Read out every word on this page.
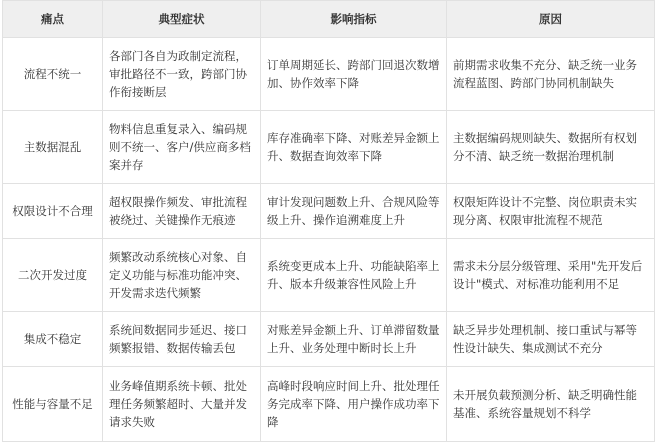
痛点	典型症状	影响指标	原因
流程不统一	各部门各自为政制定流程，审批路径不一致，跨部门协作衔接断层	订单周期延长、跨部门回退次数增加、协作效率下降	前期需求收集不充分、缺乏统一业务流程蓝图、跨部门协同机制缺失
主数据混乱	物料信息重复录入、编码规则不统一、客户/供应商多档案并存	库存准确率下降、对账差异金额上升、数据查询效率下降	主数据编码规则缺失、数据所有权划分不清、缺乏统一数据治理机制
权限设计不合理	超权限操作频发、审批流程被绕过、关键操作无痕迹	审计发现问题数上升、合规风险等级上升、操作追溯难度上升	权限矩阵设计不完整、岗位职责未实现分离、权限审批流程不规范
二次开发过度	频繁改动系统核心对象、自定义功能与标准功能冲突、开发需求迭代频繁	系统变更成本上升、功能缺陷率上升、版本升级兼容性风险上升	需求未分层分级管理、采用"先开发后设计"模式、对标准功能利用不足
集成不稳定	系统间数据同步延迟、接口频繁报错、数据传输丢包	对账差异金额上升、订单滞留数量上升、业务处理中断时长上升	缺乏异步处理机制、接口重试与幂等性设计缺失、集成测试不充分
性能与容量不足	业务峰值期系统卡顿、批处理任务频繁超时、大量并发请求失败	高峰时段响应时间上升、批处理任务完成率下降、用户操作成功率下降	未开展负载预测分析、缺乏明确性能基准、系统容量规划不科学
